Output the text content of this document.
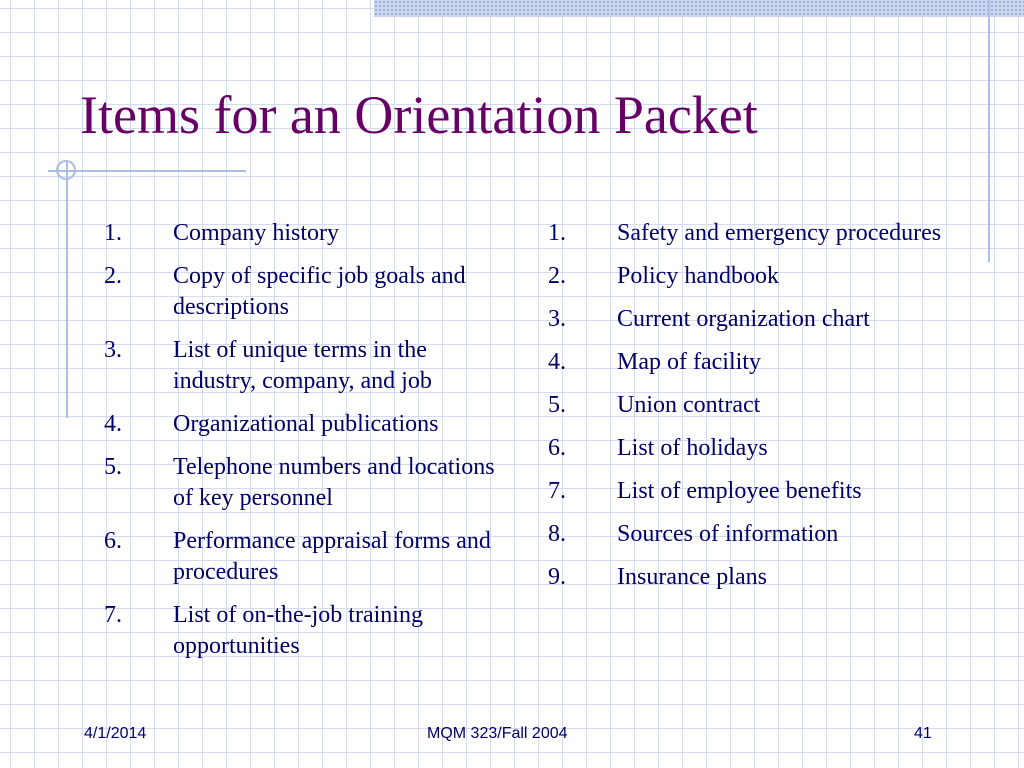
Items for an Orientation Packet
1.	Company history
2.	Copy of specific job goals and descriptions
3.	List of unique terms in the industry, company, and job
4.	Organizational publications
5.	Telephone numbers and locations of key personnel
6.	Performance appraisal forms and procedures
7.	List of on-the-job training opportunities
1.	Safety and emergency procedures
2.	Policy handbook
3.	Current organization chart
4.	Map of facility
5.	Union contract
6.	List of holidays
7.	List of employee benefits
8.	Sources of information
9.	Insurance plans
4/1/2014	MQM 323/Fall 2004	41
